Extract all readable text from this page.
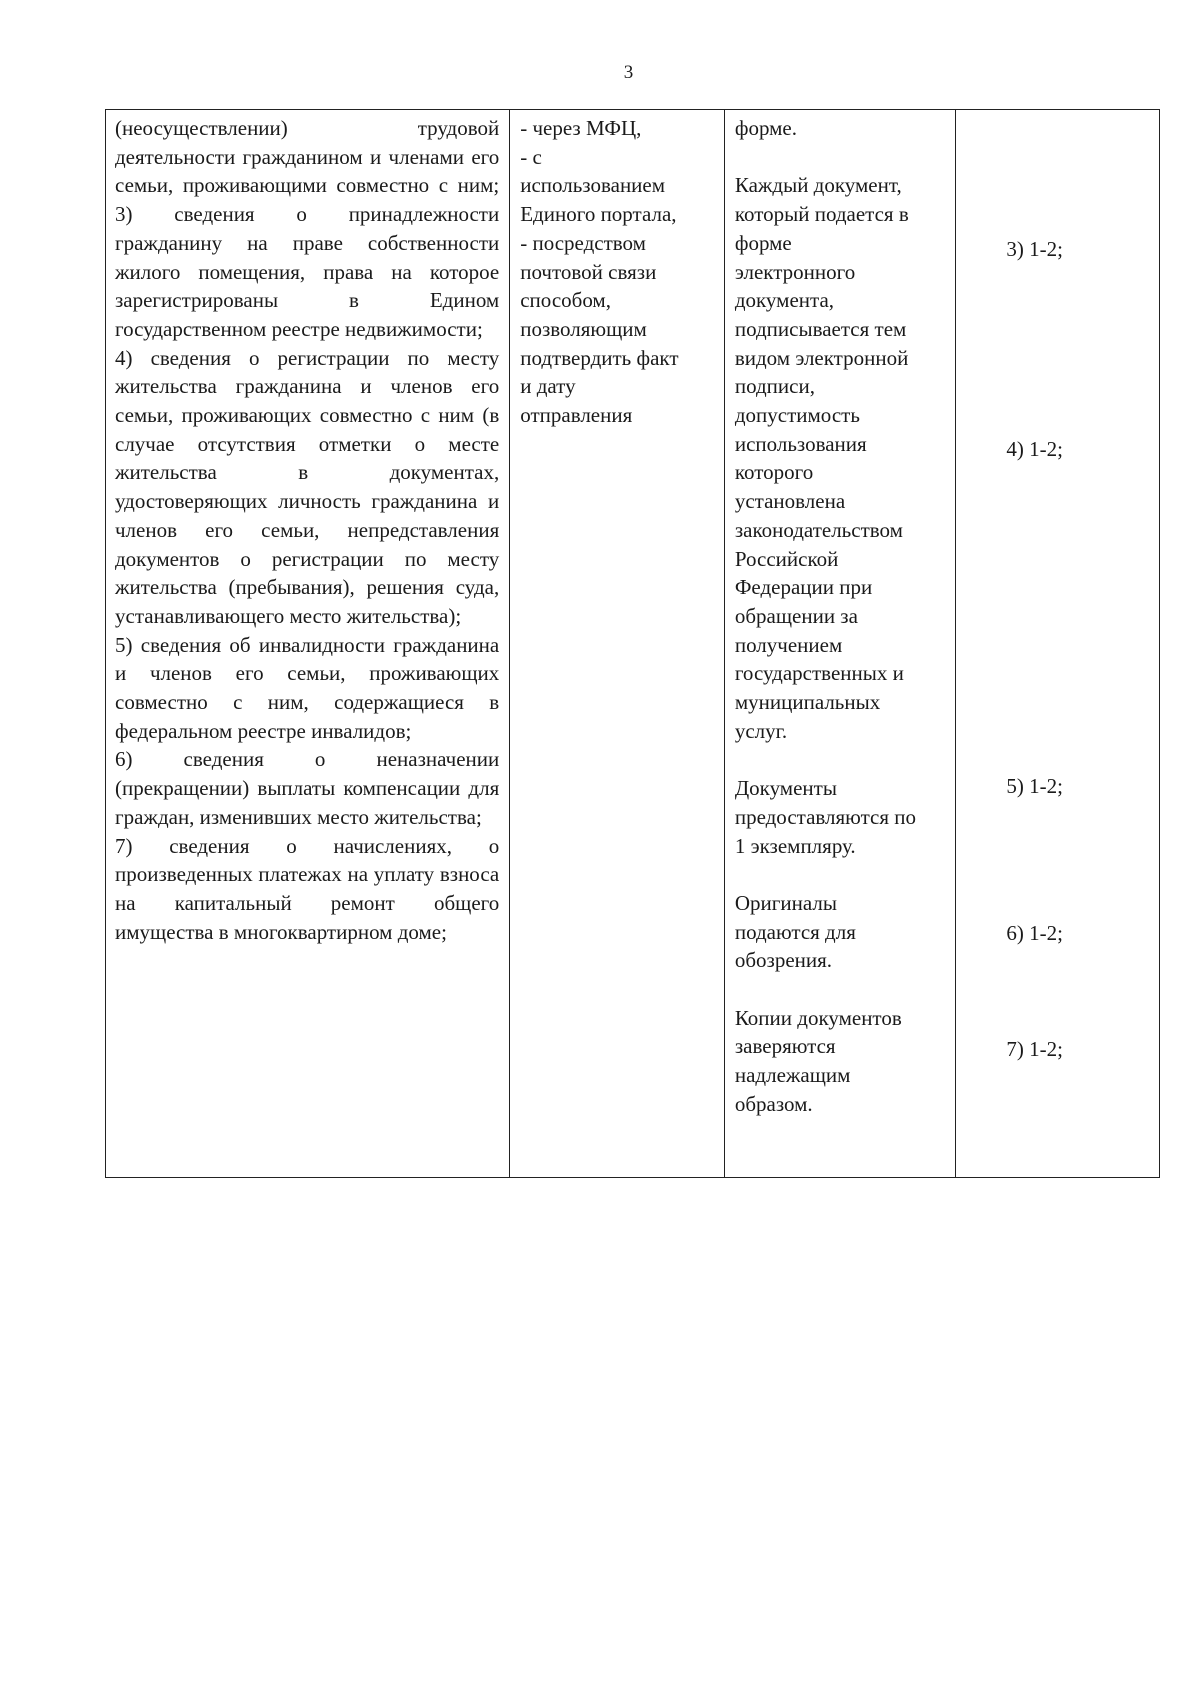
3

(неосуществлении) трудовой деятельности гражданином и членами его семьи, проживающими совместно с ним;

3) сведения о принадлежности гражданину на праве собственности жилого помещения, права на которое зарегистрированы в Едином государственном реестре недвижимости;

4) сведения о регистрации по месту жительства гражданина и членов его семьи, проживающих совместно с ним (в случае отсутствия отметки о месте жительства в документах, удостоверяющих личность гражданина и членов его семьи, непредставления документов о регистрации по месту жительства (пребывания), решения суда, устанавливающего место жительства);

5) сведения об инвалидности гражданина и членов его семьи, проживающих совместно с ним, содержащиеся в федеральном реестре инвалидов;

6) сведения о неназначении (прекращении) выплаты компенсации для граждан, изменивших место жительства;

7) сведения о начислениях, о произведенных платежах на уплату взноса на капитальный ремонт общего имущества в многоквартирном доме;

- через МФЦ,
- с
использованием
Единого портала,
- посредством
почтовой связи
способом,
позволяющим
подтвердить факт
и дату
отправления
форме.
Каждый документ,
который подается в
форме
электронного
документа,
подписывается тем
видом электронной
подписи,
допустимость
использования
которого
установлена
законодательством
Российской
Федерации при
обращении за
получением
государственных и
муниципальных
услуг.
Документы
предоставляются по
1 экземпляру.
Оригиналы
подаются для
обозрения.
Копии документов
заверяются
надлежащим
образом.
3) 1-2;
4) 1-2;
5) 1-2;
6) 1-2;
7) 1-2;
